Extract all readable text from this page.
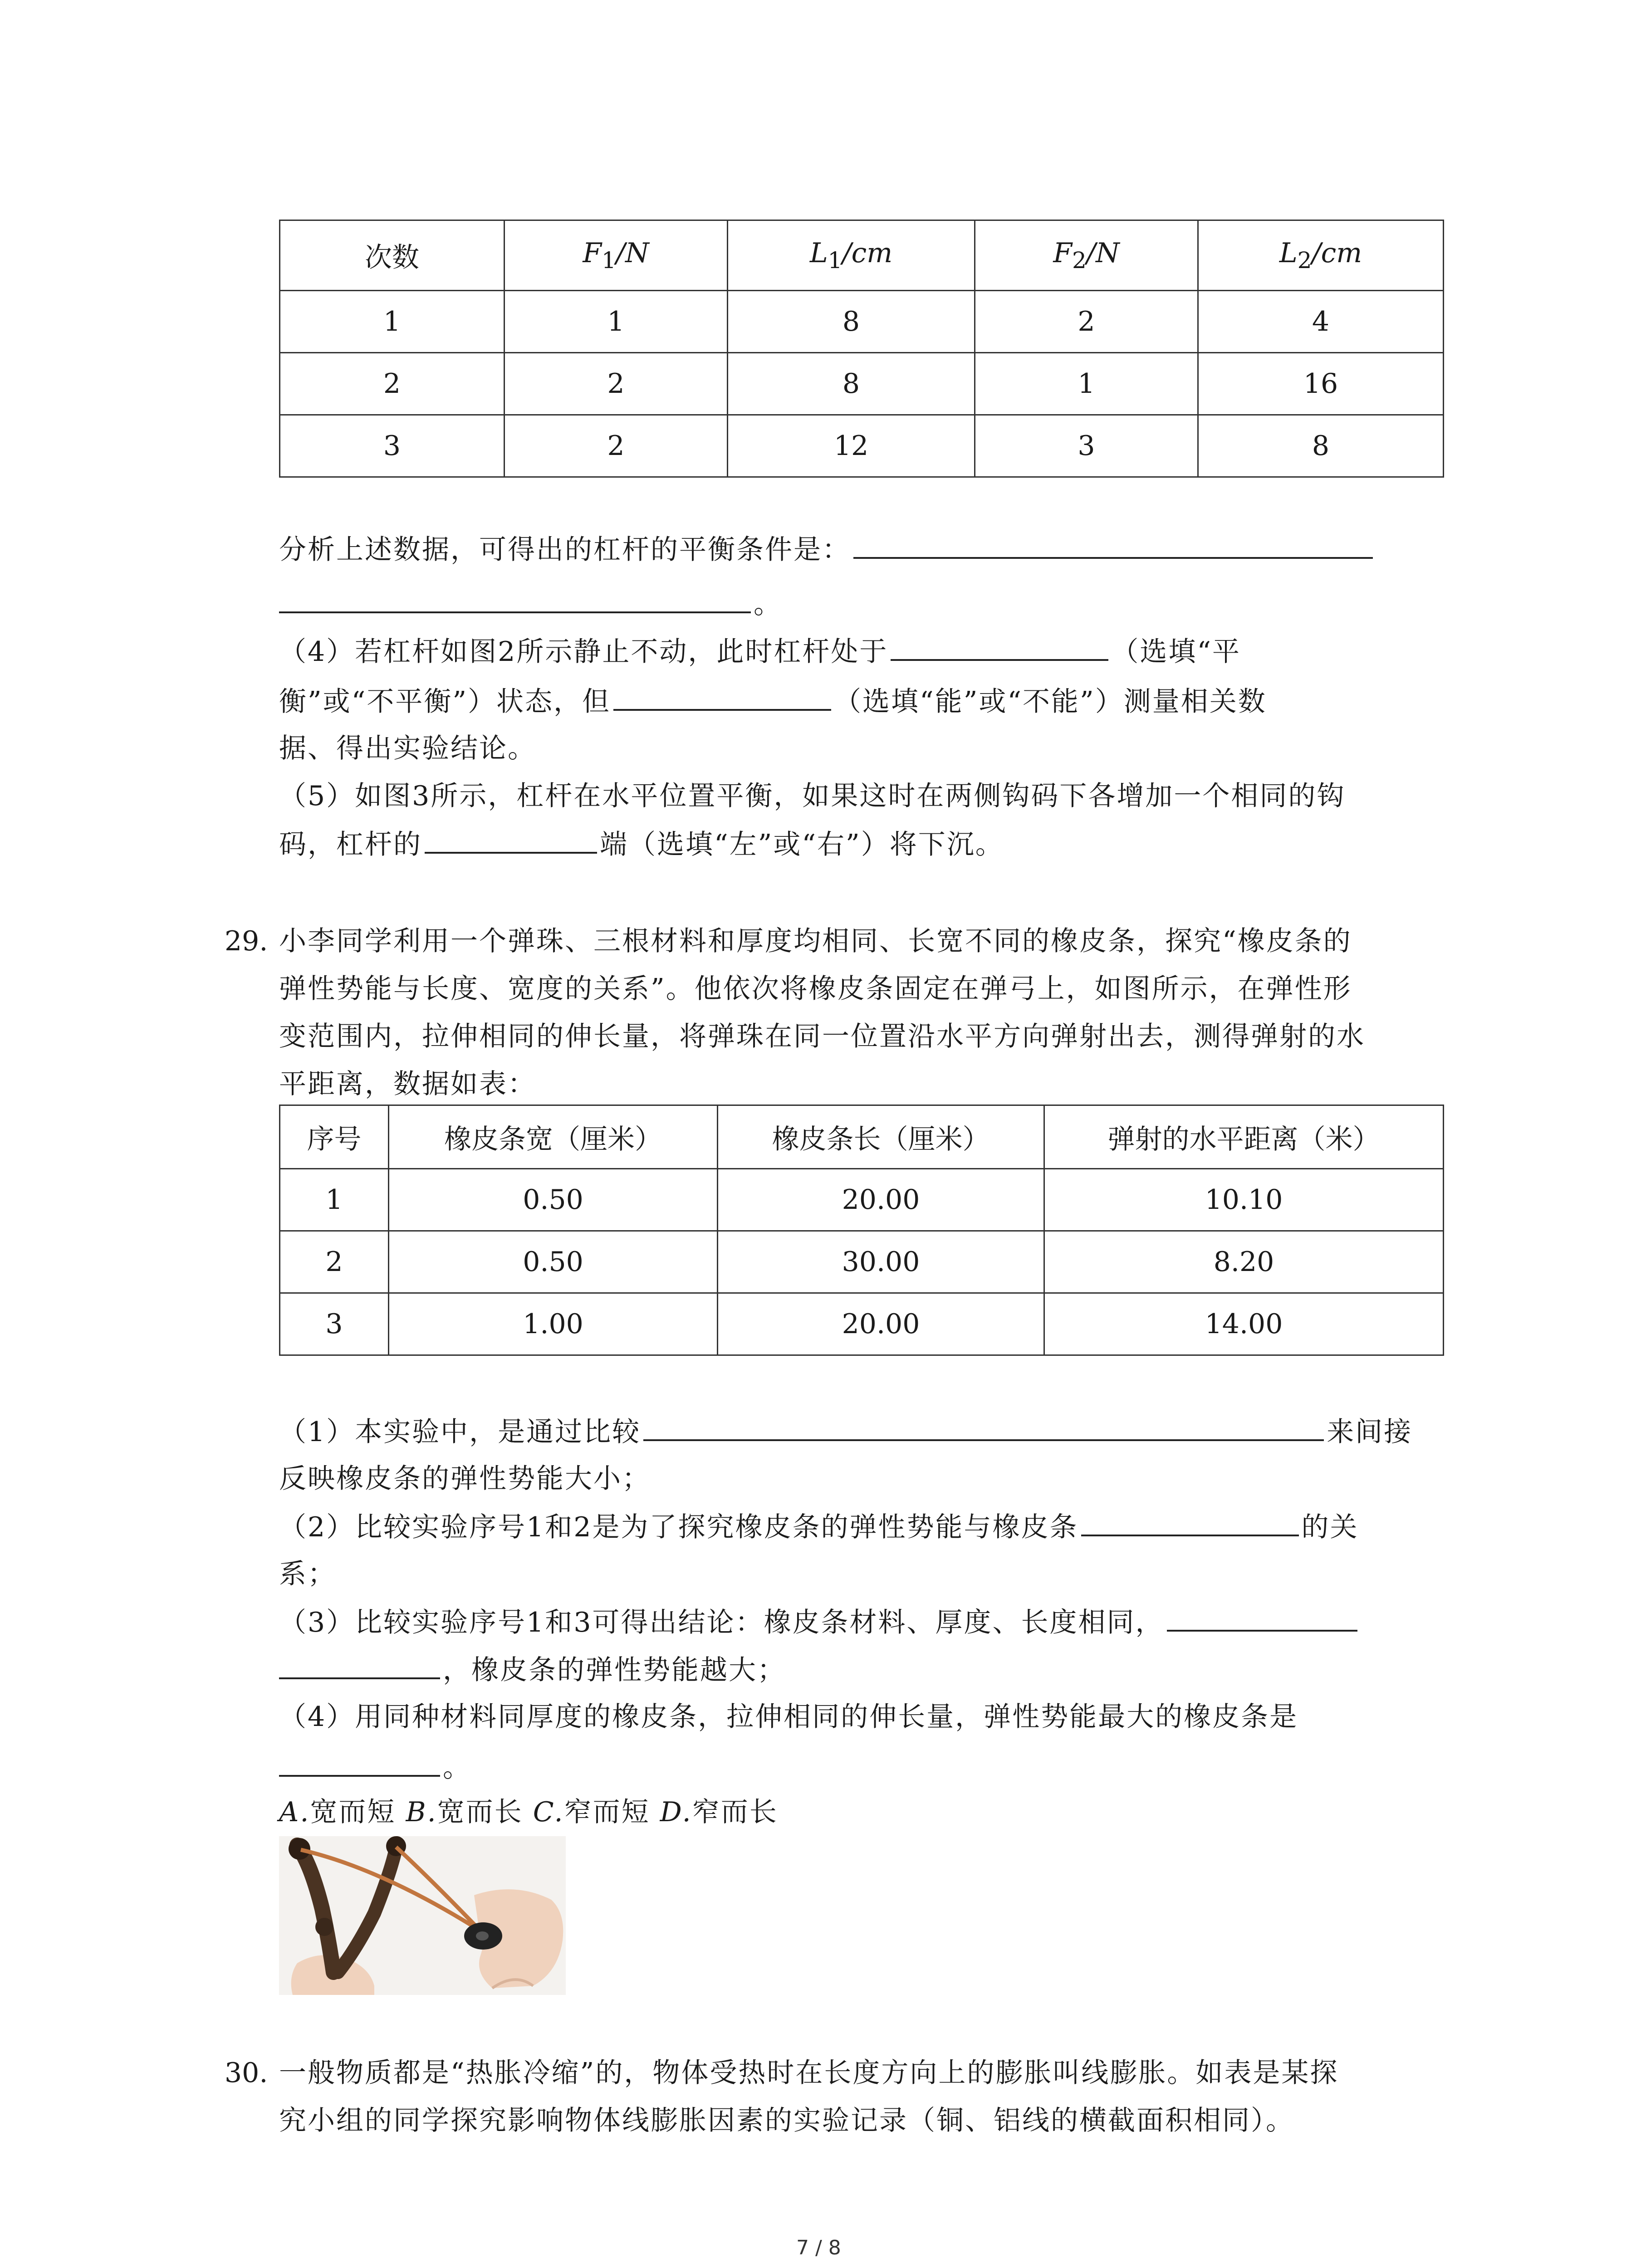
次数	$F_1/N$	$L_1/cm$	$F_2/N$	$L_2/cm$
1	1	8	2	4
2	2	8	1	16
3	2	12	3	8
分析上述数据，可得出的杠杆的平衡条件是：
。
（4）若杠杆如图2所示静止不动，此时杠杆处于	（选填“平
衡”或“不平衡”）状态，但	（选填“能”或“不能”）测量相关数
据、得出实验结论。
（5）如图3所示，杠杆在水平位置平衡，如果这时在两侧钩码下各增加一个相同的钩
码，杠杆的	端（选填“左”或“右”）将下沉。
29. 小李同学利用一个弹珠、三根材料和厚度均相同、长宽不同的橡皮条，探究“橡皮条的
弹性势能与长度、宽度的关系”。他依次将橡皮条固定在弹弓上，如图所示，在弹性形
变范围内，拉伸相同的伸长量，将弹珠在同一位置沿水平方向弹射出去，测得弹射的水
平距离，数据如表：
序号	橡皮条宽（厘米）	橡皮条长（厘米）	弹射的水平距离（米）
1	0.50	20.00	10.10
2	0.50	30.00	8.20
3	1.00	20.00	14.00
（1）本实验中，是通过比较	来间接
反映橡皮条的弹性势能大小；
（2）比较实验序号1和2是为了探究橡皮条的弹性势能与橡皮条	的关
系；
（3）比较实验序号1和3可得出结论：橡皮条材料、厚度、长度相同，
，橡皮条的弹性势能越大；
（4）用同种材料同厚度的橡皮条，拉伸相同的伸长量，弹性势能最大的橡皮条是
。
A.宽而短 B.宽而长 C.窄而短 D.窄而长
30. 一般物质都是“热胀冷缩”的，物体受热时在长度方向上的膨胀叫线膨胀。如表是某探
究小组的同学探究影响物体线膨胀因素的实验记录（铜、铝线的横截面积相同）。
7 / 8
